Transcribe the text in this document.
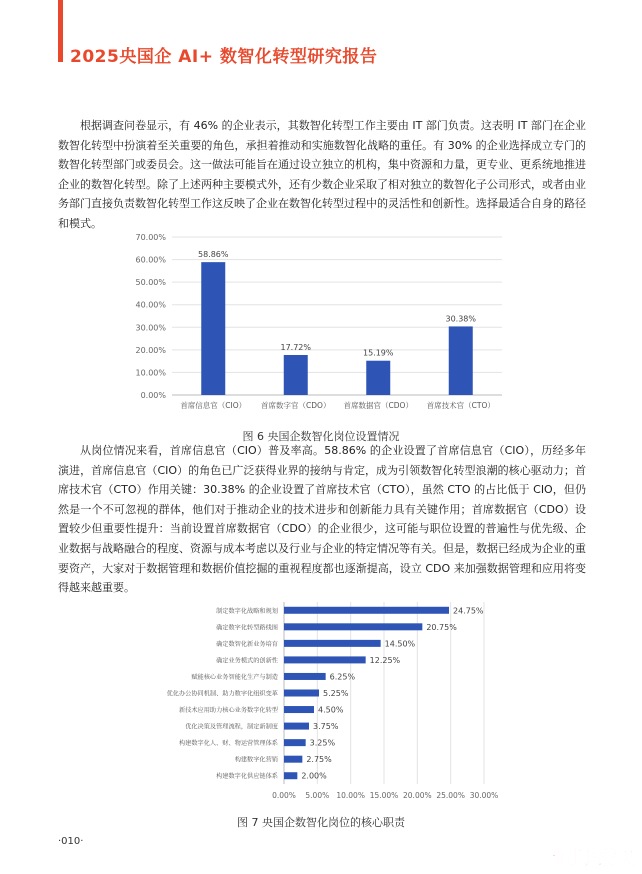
2025央国企 AI+ 数智化转型研究报告

根据调查问卷显示，有 46% 的企业表示，其数智化转型工作主要由 IT 部门负责。这表明 IT 部门在企业数智化转型中扮演着至关重要的角色，承担着推动和实施数智化战略的重任。有 30% 的企业选择成立专门的数智化转型部门或委员会。这一做法可能旨在通过设立独立的机构，集中资源和力量，更专业、更系统地推进企业的数智化转型。除了上述两种主要模式外，还有少数企业采取了相对独立的数智化子公司形式，或者由业务部门直接负责数智化转型工作这反映了企业在数智化转型过程中的灵活性和创新性。选择最适合自身的路径和模式。

0.00%
10.00%
20.00%
30.00%
40.00%
50.00%
60.00%
70.00%
58.86%
首席信息官（CIO）
17.72%
首席数字官（CDO）
15.19%
首席数据官（CDO）
30.38%
首席技术官（CTO）
图 6 央国企数智化岗位设置情况

从岗位情况来看，首席信息官（CIO）普及率高。58.86% 的企业设置了首席信息官（CIO），历经多年演进，首席信息官（CIO）的角色已广泛获得业界的接纳与肯定，成为引领数智化转型浪潮的核心驱动力；首席技术官（CTO）作用关键：30.38% 的企业设置了首席技术官（CTO），虽然 CTO 的占比低于 CIO，但仍然是一个不可忽视的群体，他们对于推动企业的技术进步和创新能力具有关键作用；首席数据官（CDO）设置较少但重要性提升：当前设置首席数据官（CDO）的企业很少，这可能与职位设置的普遍性与优先级、企业数据与战略融合的程度、资源与成本考虑以及行业与企业的特定情况等有关。但是，数据已经成为企业的重要资产，大家对于数据管理和数据价值挖掘的重视程度都也逐渐提高，设立 CDO 来加强数据管理和应用将变得越来越重要。

0.00% 5.00% 10.00% 15.00% 20.00% 25.00% 30.00%
24.75%
制定数字化战略和规划
20.75%
确定数字化转型路线图
14.50%
确定数智化新业务培育
12.25%
确定业务模式的创新性
6.25%
赋能核心业务智能化生产与制造
5.25%
优化办公协同机制、助力数字化组织变革
4.50%
新技术应用助力核心业务数字化转型
3.75%
优化决策及管理流程，制定新制度
3.25%
构建数字化人、财、物运营管理体系
2.75%
构建数字化营销
2.00%
构建数字化供应链体系
图 7 央国企数智化岗位的核心职责
·010·
一同手游网
